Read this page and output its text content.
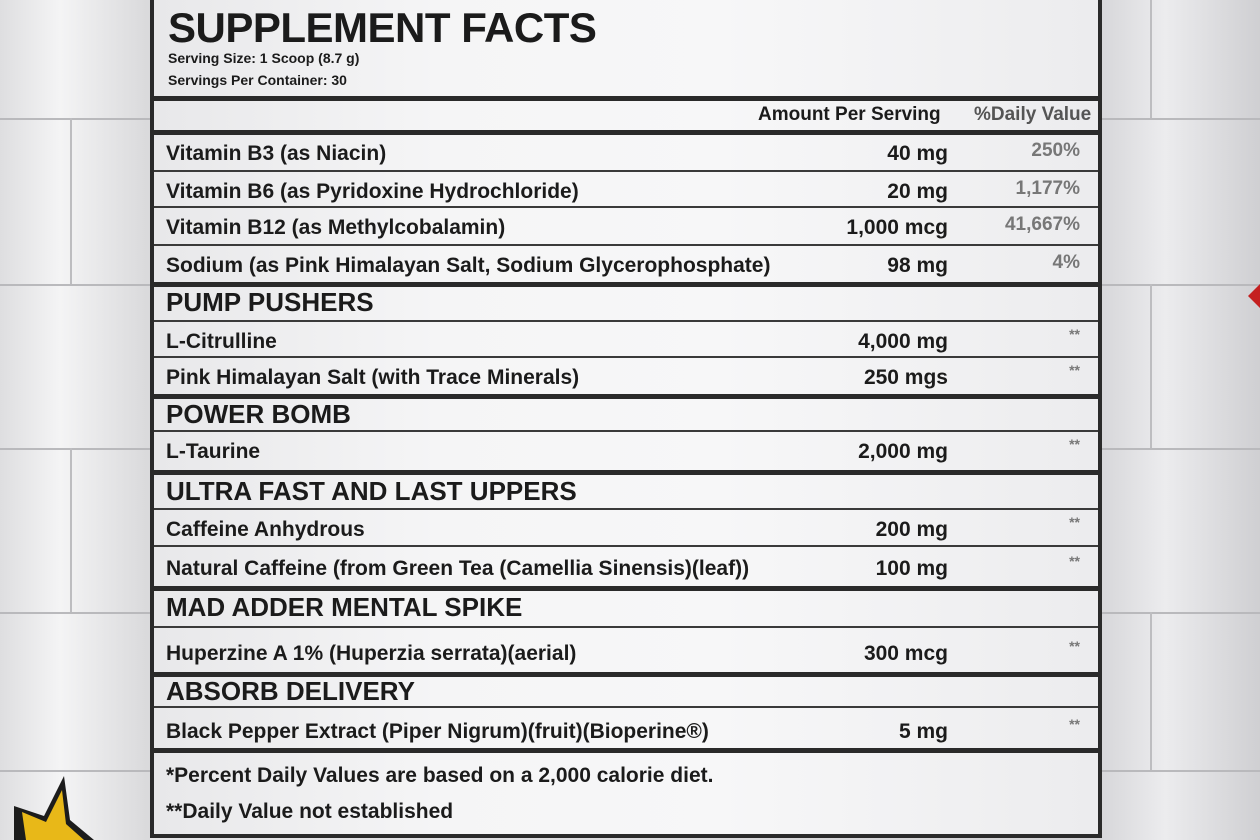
SUPPLEMENT FACTS
Serving Size: 1 Scoop (8.7 g)
Servings Per Container: 30
Amount Per Serving %Daily Value
Vitamin B3 (as Niacin)	40 mg	250%
Vitamin B6 (as Pyridoxine Hydrochloride)	20 mg	1,177%
Vitamin B12 (as Methylcobalamin)	1,000 mcg	41,667%
Sodium (as Pink Himalayan Salt, Sodium Glycerophosphate)	98 mg	4%
PUMP PUSHERS
L-Citrulline	4,000 mg	**
Pink Himalayan Salt (with Trace Minerals)	250 mgs	**
POWER BOMB
L-Taurine	2,000 mg	**
ULTRA FAST AND LAST UPPERS
Caffeine Anhydrous	200 mg	**
Natural Caffeine (from Green Tea (Camellia Sinensis)(leaf))	100 mg	**
MAD ADDER MENTAL SPIKE
Huperzine A 1% (Huperzia serrata)(aerial)	300 mcg	**
ABSORB DELIVERY
Black Pepper Extract (Piper Nigrum)(fruit)(Bioperine®)	5 mg	**
*Percent Daily Values are based on a 2,000 calorie diet.
**Daily Value not established
